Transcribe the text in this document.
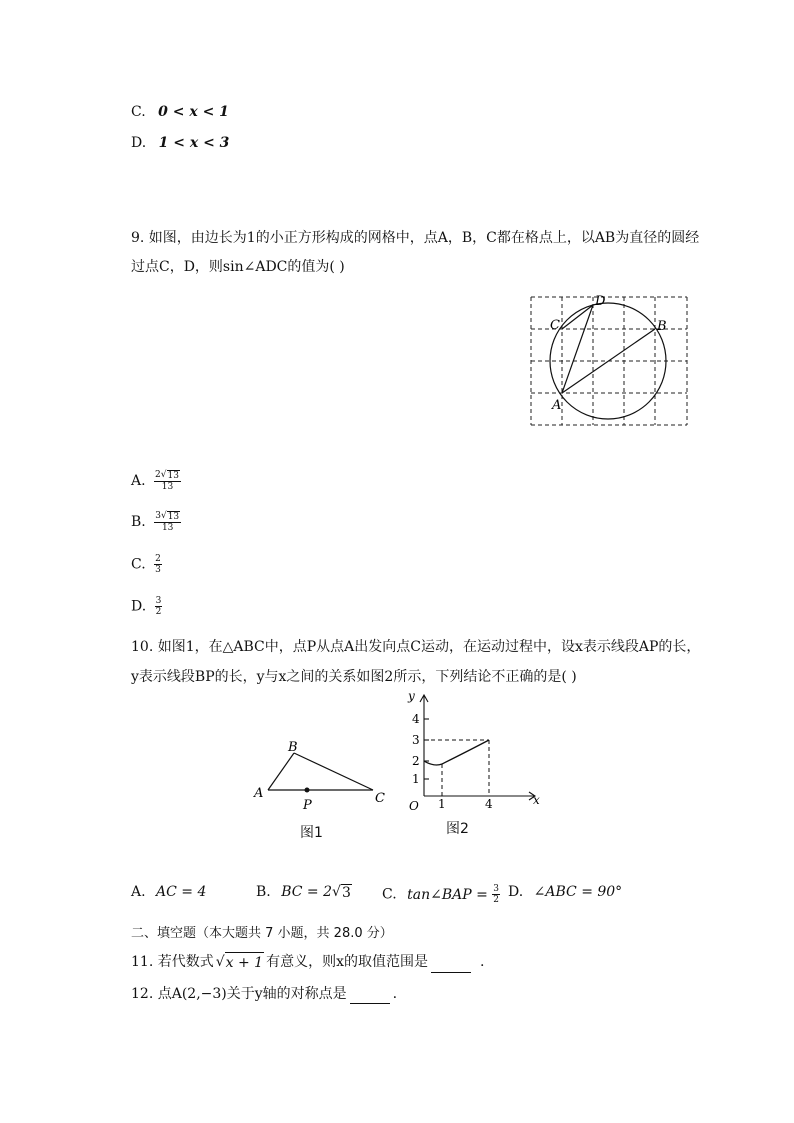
C. 0 < x < 1
D. 1 < x < 3
9. 如图，由边长为1的小正方形构成的网格中，点A，B，C都在格点上，以AB为直径的圆经
过点C，D，则sin∠ADC的值为( )
A
B
C
D
A. $\frac{2√ 13}{13}$
B. $\frac{3√ 13}{13}$
C. $\frac{2}{3}$
D. $\frac{3}{2}$
10. 如图1，在△ABC中，点P从点A出发向点C运动，在运动过程中，设x表示线段AP的长，
y表示线段BP的长，y与x之间的关系如图2所示，下列结论不正确的是( )
A
B
C
P
图1
y
x
O
1
2
3
4
1	4
图2
A. AC = 4	B. BC = 2√ 3 C. tan∠BAP = $\frac{3}{2} D$. ∠ABC = 90°
二、填空题（本大题共 7 小题，共 28.0 分）
11. 若代数式 √ x + 1 有意义，则x的取值范围是	.
12. 点A(2,−3)关于y轴的对称点是	.
